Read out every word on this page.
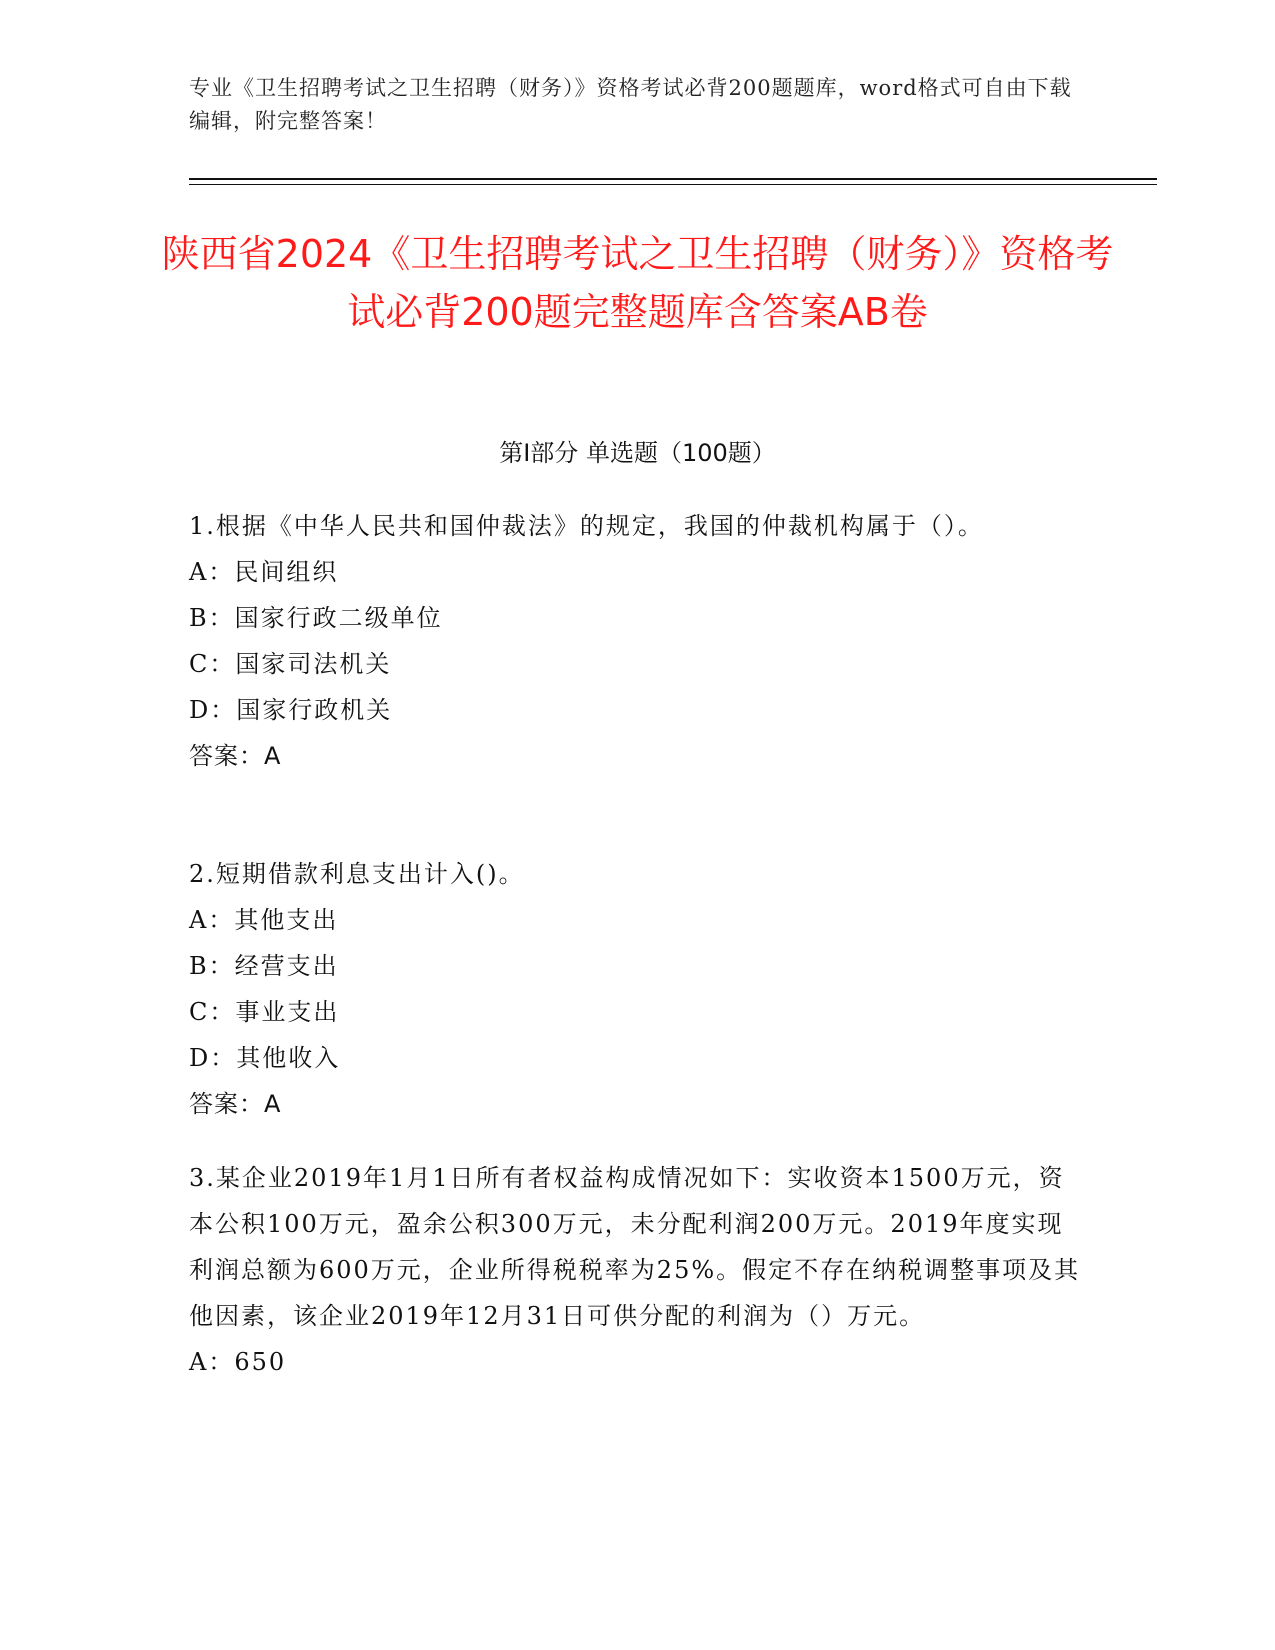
专业《卫生招聘考试之卫生招聘（财务）》资格考试必背200题题库，word格式可自由下载编辑，附完整答案！
陕西省2024《卫生招聘考试之卫生招聘（财务）》资格考试必背200题完整题库含答案AB卷
第Ⅰ部分 单选题（100题）

1.根据《中华人民共和国仲裁法》的规定，我国的仲裁机构属于（）。

A：民间组织

B：国家行政二级单位

C：国家司法机关

D：国家行政机关

答案：A

2.短期借款利息支出计入()。

A：其他支出

B：经营支出

C：事业支出

D：其他收入

答案：A

3.某企业2019年1月1日所有者权益构成情况如下：实收资本1500万元，资本公积100万元，盈余公积300万元，未分配利润200万元。2019年度实现利润总额为600万元，企业所得税税率为25%。假定不存在纳税调整事项及其他因素，该企业2019年12月31日可供分配的利润为（）万元。

A：650
